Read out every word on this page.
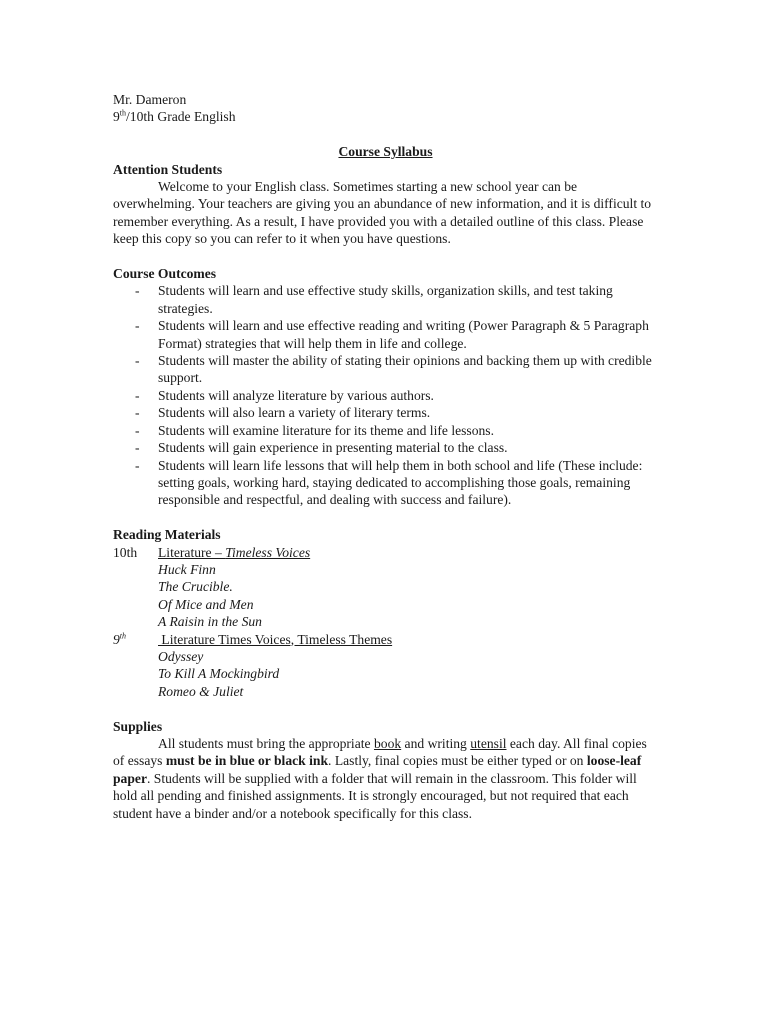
Mr. Dameron
9th/10th Grade English
Course Syllabus
Attention Students
Welcome to your English class. Sometimes starting a new school year can be overwhelming. Your teachers are giving you an abundance of new information, and it is difficult to remember everything. As a result, I have provided you with a detailed outline of this class. Please keep this copy so you can refer to it when you have questions.
Course Outcomes
- Students will learn and use effective study skills, organization skills, and test taking strategies.
- Students will learn and use effective reading and writing (Power Paragraph & 5 Paragraph Format) strategies that will help them in life and college.
- Students will master the ability of stating their opinions and backing them up with credible support.
- Students will analyze literature by various authors.
- Students will also learn a variety of literary terms.
- Students will examine literature for its theme and life lessons.
- Students will gain experience in presenting material to the class.
- Students will learn life lessons that will help them in both school and life (These include: setting goals, working hard, staying dedicated to accomplishing those goals, remaining responsible and respectful, and dealing with success and failure).
Reading Materials
10th	Literature – Timeless Voices
Huck Finn
The Crucible.
Of Mice and Men
A Raisin in the Sun
9th	Literature Times Voices, Timeless Themes
Odyssey
To Kill A Mockingbird
Romeo & Juliet
Supplies
All students must bring the appropriate book and writing utensil each day. All final copies of essays must be in blue or black ink. Lastly, final copies must be either typed or on loose-leaf paper. Students will be supplied with a folder that will remain in the classroom. This folder will hold all pending and finished assignments. It is strongly encouraged, but not required that each student have a binder and/or a notebook specifically for this class.
